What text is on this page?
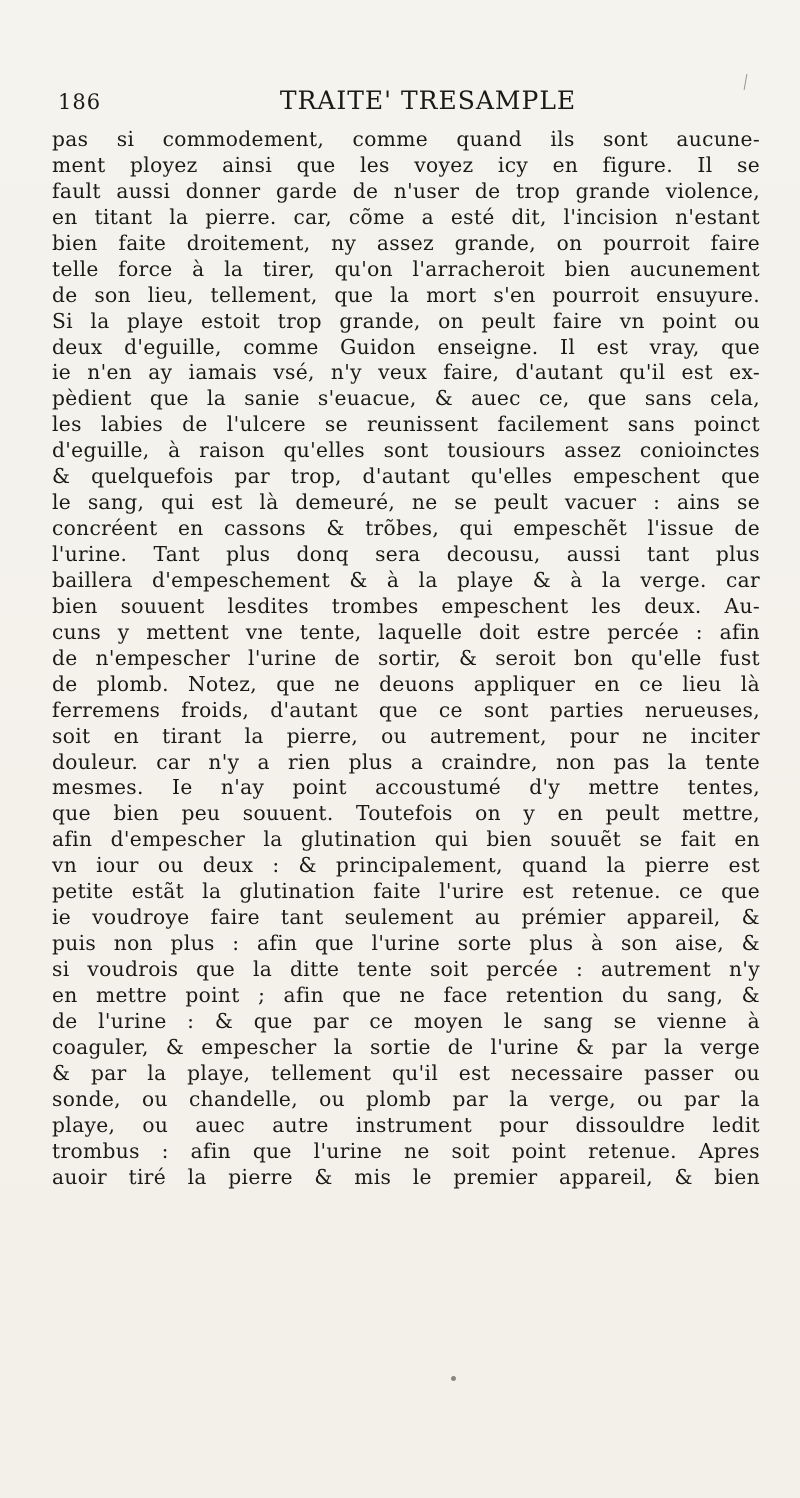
186	TRAITE' TRESAMPLE
pas si commodement, comme quand ils sont aucune-
ment ployez ainsi que les voyez icy en figure. Il se
fault aussi donner garde de n'user de trop grande violence,
en titant la pierre. car, cõme a esté dit, l'incision n'estant
bien faite droitement, ny assez grande, on pourroit faire
telle force à la tirer, qu'on l'arracheroit bien aucunement
de son lieu, tellement, que la mort s'en pourroit ensuyure.
Si la playe estoit trop grande, on peult faire vn point ou
deux d'eguille, comme Guidon enseigne. Il est vray, que
ie n'en ay iamais vsé, n'y veux faire, d'autant qu'il est ex-
pèdient que la sanie s'euacue, & auec ce, que sans cela,
les labies de l'ulcere se reunissent facilement sans poinct
d'eguille, à raison qu'elles sont tousiours assez conioinctes
& quelquefois par trop, d'autant qu'elles empeschent que
le sang, qui est là demeuré, ne se peult vacuer : ains se
concréent en cassons & trõbes, qui empeschẽt l'issue de
l'urine. Tant plus donq sera decousu, aussi tant plus
baillera d'empeschement & à la playe & à la verge. car
bien souuent lesdites trombes empeschent les deux. Au-
cuns y mettent vne tente, laquelle doit estre percée : afin
de n'empescher l'urine de sortir, & seroit bon qu'elle fust
de plomb. Notez, que ne deuons appliquer en ce lieu là
ferremens froids, d'autant que ce sont parties nerueuses,
soit en tirant la pierre, ou autrement, pour ne inciter
douleur. car n'y a rien plus a craindre, non pas la tente
mesmes. Ie n'ay point accoustumé d'y mettre tentes,
que bien peu souuent. Toutefois on y en peult mettre,
afin d'empescher la glutination qui bien souuẽt se fait en
vn iour ou deux : & principalement, quand la pierre est
petite estãt la glutination faite l'urire est retenue. ce que
ie voudroye faire tant seulement au prémier appareil, &
puis non plus : afin que l'urine sorte plus à son aise, &
si voudrois que la ditte tente soit percée : autrement n'y
en mettre point ; afin que ne face retention du sang, &
de l'urine : & que par ce moyen le sang se vienne à
coaguler, & empescher la sortie de l'urine & par la verge
& par la playe, tellement qu'il est necessaire passer ou
sonde, ou chandelle, ou plomb par la verge, ou par la
playe, ou auec autre instrument pour dissouldre ledit
trombus : afin que l'urine ne soit point retenue. Apres
auoir tiré la pierre & mis le premier appareil, & bien
